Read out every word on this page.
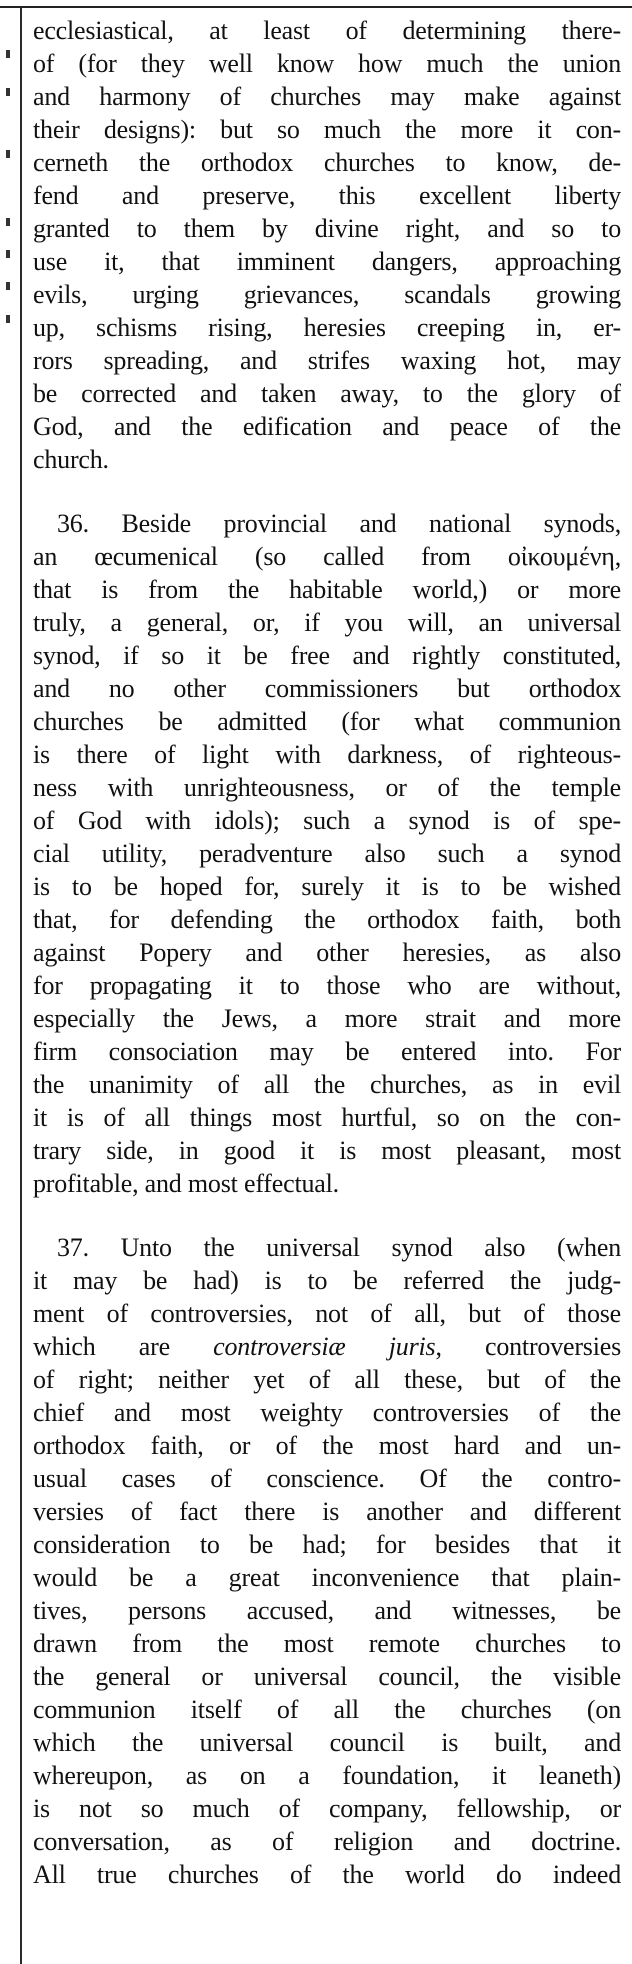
ecclesiastical, at least of determining there-
of (for they well know how much the union
and harmony of churches may make against
their designs): but so much the more it con-
cerneth the orthodox churches to know, de-
fend and preserve, this excellent liberty
granted to them by divine right, and so to
use it, that imminent dangers, approaching
evils, urging grievances, scandals growing
up, schisms rising, heresies creeping in, er-
rors spreading, and strifes waxing hot, may
be corrected and taken away, to the glory of
God, and the edification and peace of the
church.
36. Beside provincial and national synods,
an œcumenical (so called from οἰκουμένη,
that is from the habitable world,) or more
truly, a general, or, if you will, an universal
synod, if so it be free and rightly constituted,
and no other commissioners but orthodox
churches be admitted (for what communion
is there of light with darkness, of righteous-
ness with unrighteousness, or of the temple
of God with idols); such a synod is of spe-
cial utility, peradventure also such a synod
is to be hoped for, surely it is to be wished
that, for defending the orthodox faith, both
against Popery and other heresies, as also
for propagating it to those who are without,
especially the Jews, a more strait and more
firm consociation may be entered into. For
the unanimity of all the churches, as in evil
it is of all things most hurtful, so on the con-
trary side, in good it is most pleasant, most
profitable, and most effectual.
37. Unto the universal synod also (when
it may be had) is to be referred the judg-
ment of controversies, not of all, but of those
which are controversiæ juris, controversies
of right; neither yet of all these, but of the
chief and most weighty controversies of the
orthodox faith, or of the most hard and un-
usual cases of conscience. Of the contro-
versies of fact there is another and different
consideration to be had; for besides that it
would be a great inconvenience that plain-
tives, persons accused, and witnesses, be
drawn from the most remote churches to
the general or universal council, the visible
communion itself of all the churches (on
which the universal council is built, and
whereupon, as on a foundation, it leaneth)
is not so much of company, fellowship, or
conversation, as of religion and doctrine.
All true churches of the world do indeed
